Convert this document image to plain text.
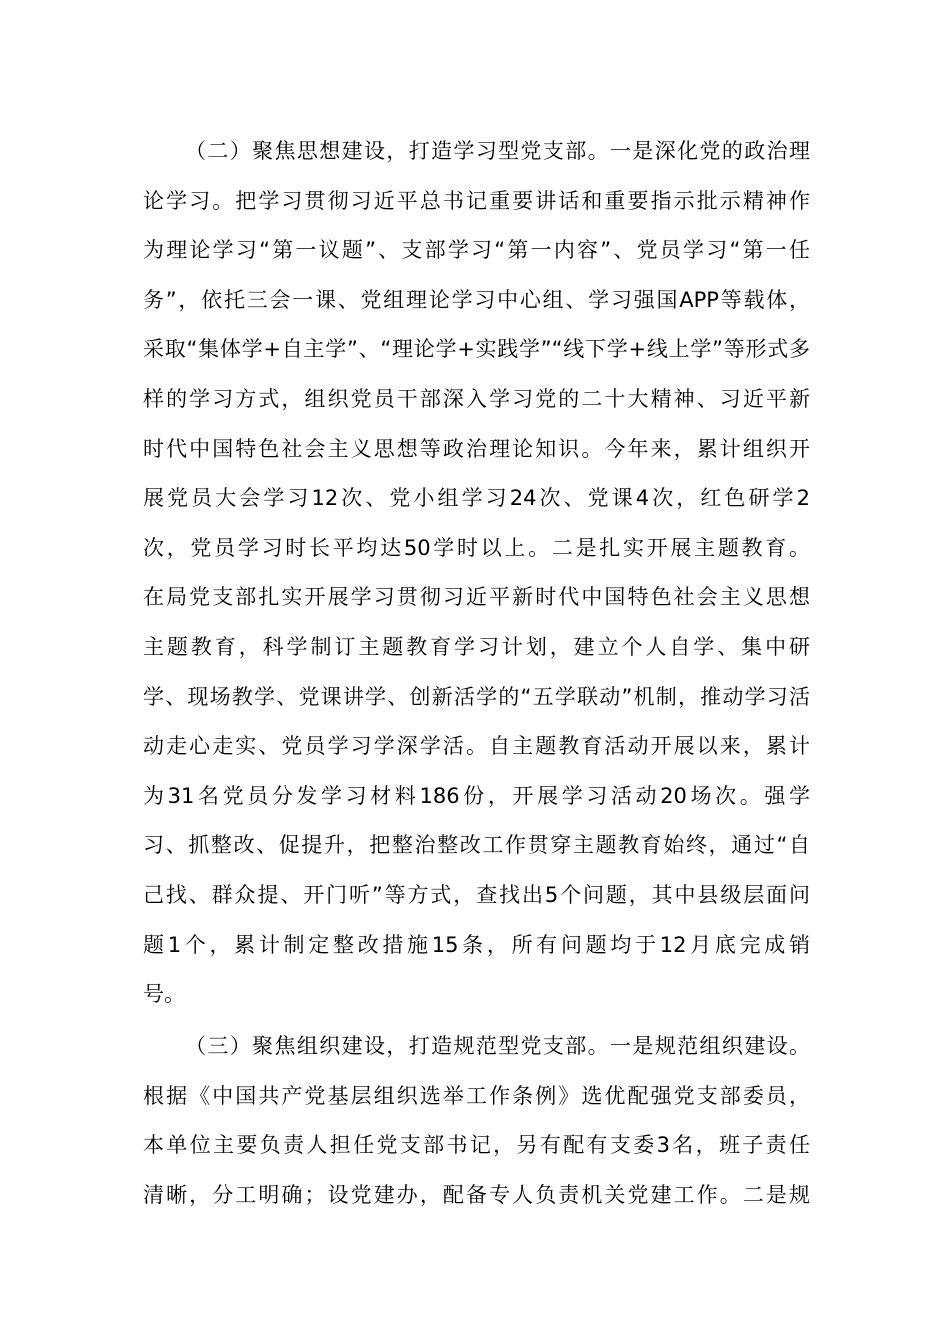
（二）聚焦思想建设，打造学习型党支部。一是深化党的政治理
论学习。把学习贯彻习近平总书记重要讲话和重要指示批示精神作
为理论学习“第一议题”、支部学习“第一内容”、党员学习“第一任
务”，依托三会一课、党组理论学习中心组、学习强国APP等载体，
采取“集体学+自主学”、“理论学+实践学”“线下学+线上学”等形式多
样的学习方式，组织党员干部深入学习党的二十大精神、习近平新
时代中国特色社会主义思想等政治理论知识。今年来，累计组织开
展党员大会学习12次、党小组学习24次、党课4次，红色研学2
次，党员学习时长平均达50学时以上。二是扎实开展主题教育。
在局党支部扎实开展学习贯彻习近平新时代中国特色社会主义思想
主题教育，科学制订主题教育学习计划，建立个人自学、集中研
学、现场教学、党课讲学、创新活学的“五学联动”机制，推动学习活
动走心走实、党员学习学深学活。自主题教育活动开展以来，累计
为31名党员分发学习材料186份，开展学习活动20场次。强学
习、抓整改、促提升，把整治整改工作贯穿主题教育始终，通过“自
己找、群众提、开门听”等方式，查找出5个问题，其中县级层面问
题1个，累计制定整改措施15条，所有问题均于12月底完成销
号。
（三）聚焦组织建设，打造规范型党支部。一是规范组织建设。
根据《中国共产党基层组织选举工作条例》选优配强党支部委员，
本单位主要负责人担任党支部书记，另有配有支委3名，班子责任
清晰，分工明确；设党建办，配备专人负责机关党建工作。二是规
